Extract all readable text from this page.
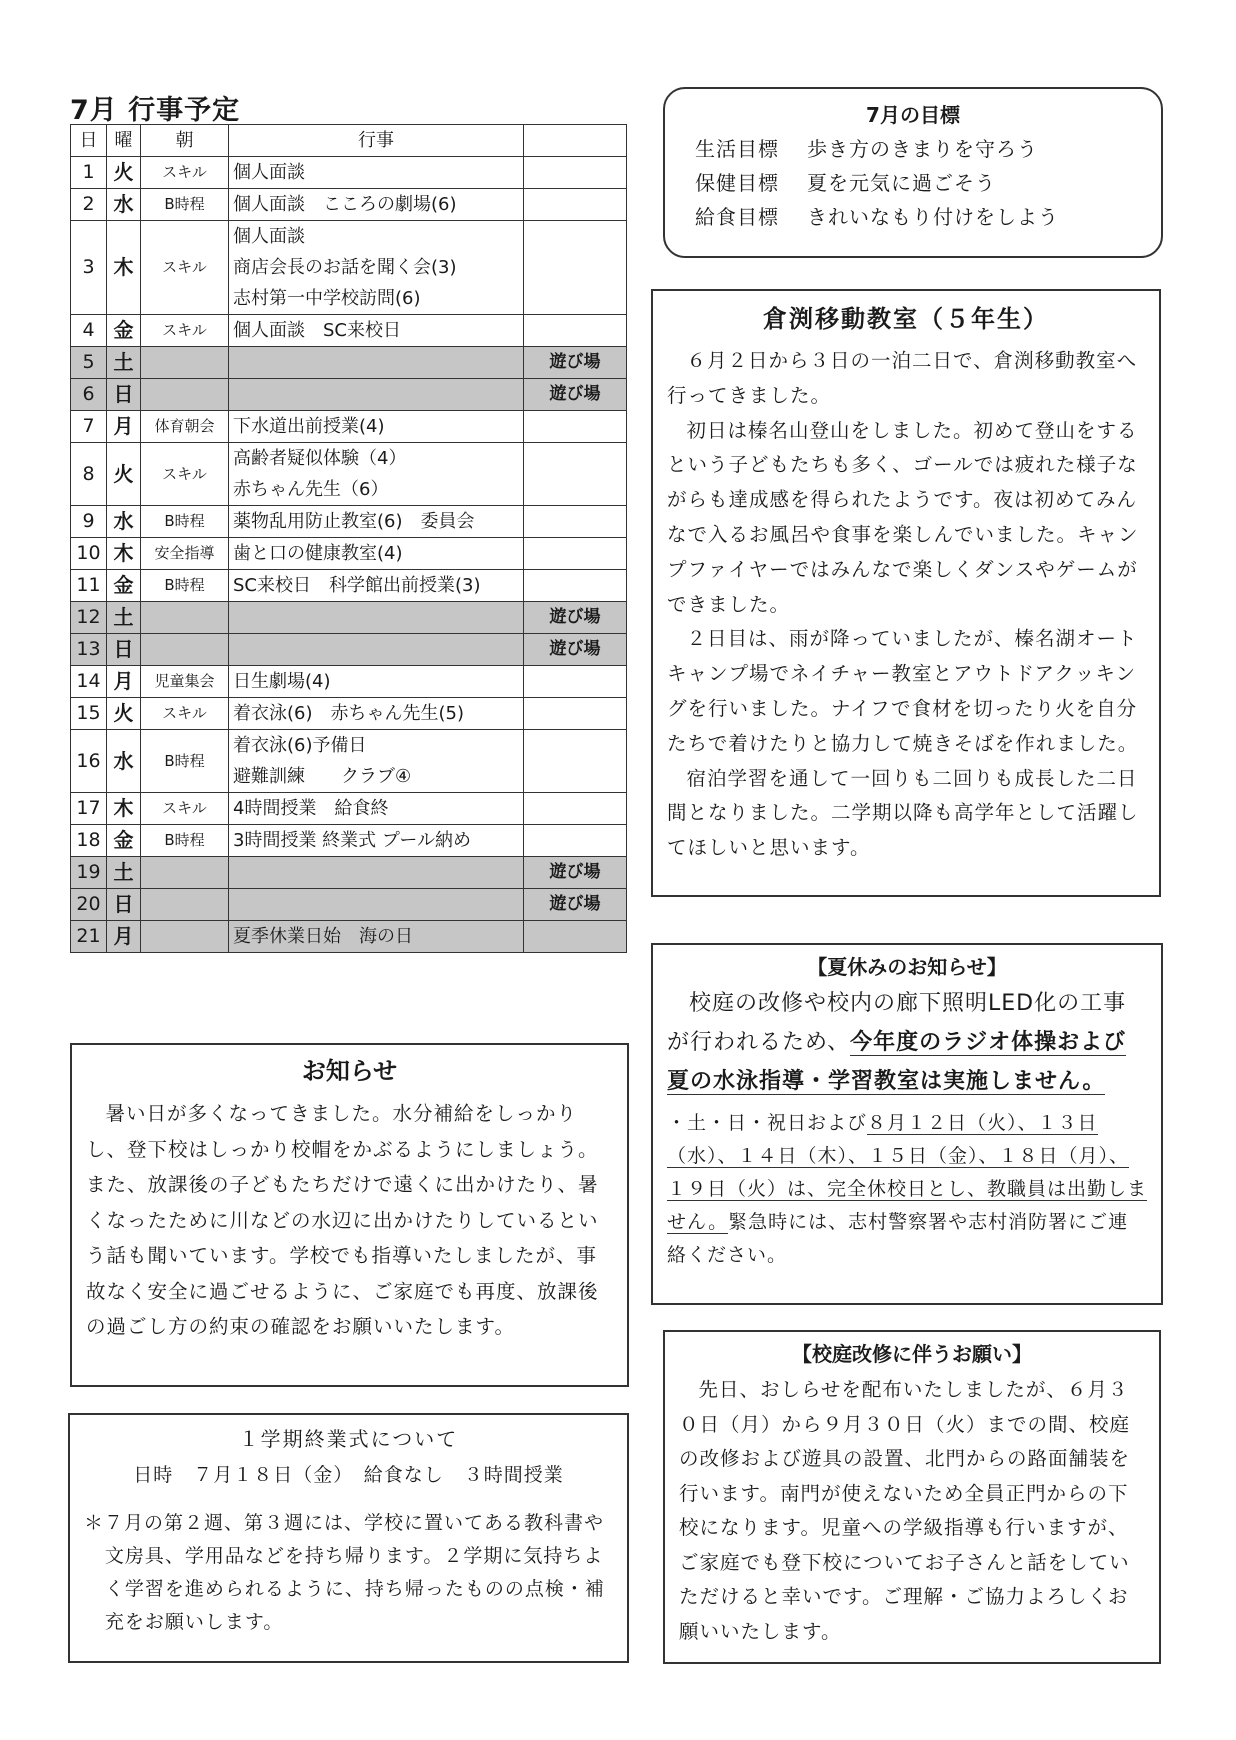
7月 行事予定
日	曜	朝	行事	
1	火	スキル	個人面談	

2	水	B時程	個人面談　こころの劇場(6)	

3	木	スキル	個人面談
商店会長のお話を聞く会(3)
志村第一中学校訪問(6)	

4	金	スキル	個人面談　SC来校日	

5	土			遊び場
6	日			遊び場
7	月	体育朝会	下水道出前授業(4)	

8	火	スキル	高齢者疑似体験（4）
赤ちゃん先生（6）	

9	水	B時程	薬物乱用防止教室(6)　委員会	

10	木	安全指導	歯と口の健康教室(4)	

11	金	B時程	SC来校日　科学館出前授業(3)	

12	土			遊び場
13	日			遊び場
14	月	児童集会	日生劇場(4)	

15	火	スキル	着衣泳(6)　赤ちゃん先生(5)	

16	水	B時程	着衣泳(6)予備日
避難訓練　　クラブ④	

17	木	スキル	4時間授業　給食終	

18	金	B時程	3時間授業 終業式 プール納め	

19	土			遊び場
20	日			遊び場
21	月		夏季休業日始　海の日	

7月の目標
生活目標 歩き方のきまりを守ろう
保健目標 夏を元気に過ごそう
給食目標 きれいなもり付けをしよう
倉渕移動教室（５年生）

６月２日から３日の一泊二日で、倉渕移動教室へ行ってきました。

初日は榛名山登山をしました。初めて登山をするという子どもたちも多く、ゴールでは疲れた様子ながらも達成感を得られたようです。夜は初めてみんなで入るお風呂や食事を楽しんでいました。キャンプファイヤーではみんなで楽しくダンスやゲームができました。

２日目は、雨が降っていましたが、榛名湖オートキャンプ場でネイチャー教室とアウトドアクッキングを行いました。ナイフで食材を切ったり火を自分たちで着けたりと協力して焼きそばを作れました。

宿泊学習を通して一回りも二回りも成長した二日間となりました。二学期以降も高学年として活躍してほしいと思います。

【夏休みのお知らせ】
校庭の改修や校内の廊下照明LED化の工事が行われるため、今年度のラジオ体操および夏の水泳指導・学習教室は実施しません。
・土・日・祝日および８月１２日（火）、１３日（水）、１４日（木）、１５日（金）、１８日（月）、１９日（火）は、完全休校日とし、教職員は出勤しません。緊急時には、志村警察署や志村消防署にご連絡ください。
【校庭改修に伴うお願い】

先日、おしらせを配布いたしましたが、６月３０日（月）から９月３０日（火）までの間、校庭の改修および遊具の設置、北門からの路面舗装を行います。南門が使えないため全員正門からの下校になります。児童への学級指導も行いますが、ご家庭でも登下校についてお子さんと話をしていただけると幸いです。ご理解・ご協力よろしくお願いいたします。

お知らせ

暑い日が多くなってきました。水分補給をしっかりし、登下校はしっかり校帽をかぶるようにしましょう。また、放課後の子どもたちだけで遠くに出かけたり、暑くなったために川などの水辺に出かけたりしているという話も聞いています。学校でも指導いたしましたが、事故なく安全に過ごせるように、ご家庭でも再度、放課後の過ごし方の約束の確認をお願いいたします。

１学期終業式について
日時　７月１８日（金）　給食なし　３時間授業
＊７月の第２週、第３週には、学校に置いてある教科書や文房具、学用品などを持ち帰ります。２学期に気持ちよく学習を進められるように、持ち帰ったものの点検・補充をお願いします。
